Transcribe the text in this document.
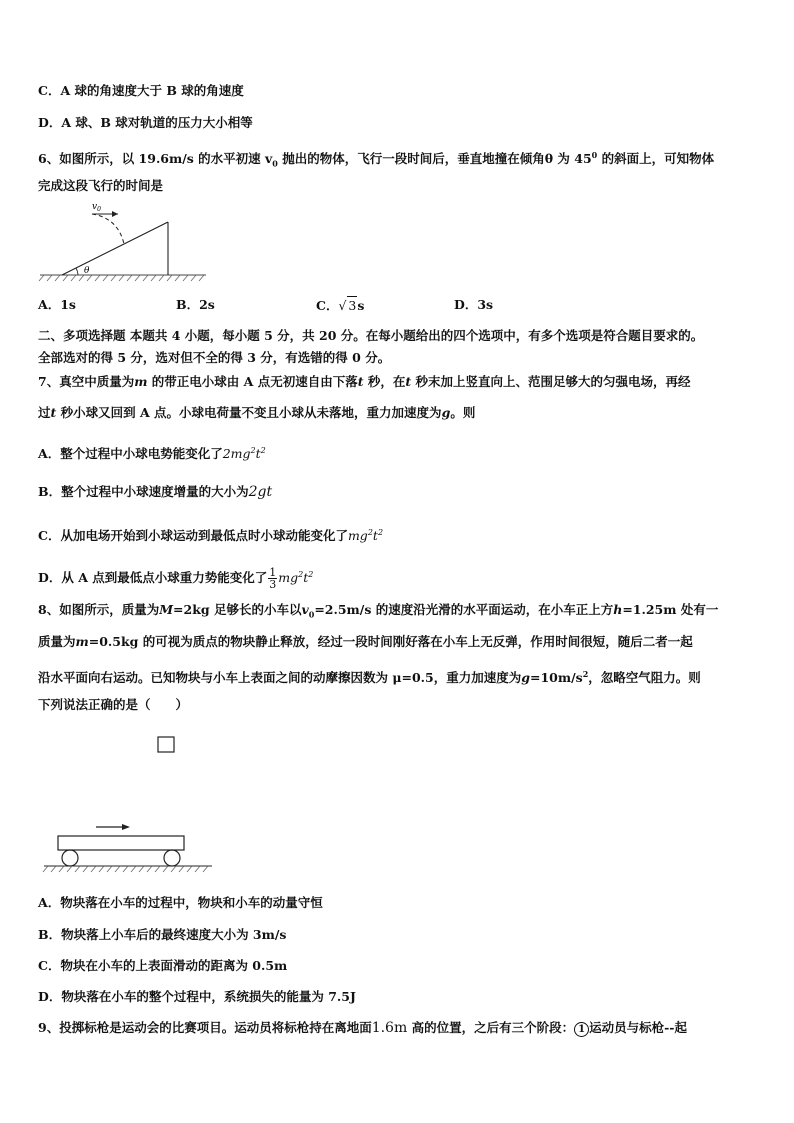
C．A 球的角速度大于 B 球的角速度
D．A 球、B 球对轨道的压力大小相等
6、如图所示，以 19.6m/s 的水平初速 $v_0$ 抛出的物体，飞行一段时间后，垂直地撞在倾角θ 为 $45^0$ 的斜面上，可知物体
完成这段飞行的时间是
$v_0$
θ
A．1s	B．2s	C．√ 3s	D．3s
二、多项选择题 本题共 4 小题，每小题 5 分，共 20 分。在每小题给出的四个选项中，有多个选项是符合题目要求的。
全部选对的得 5 分，选对但不全的得 3 分，有选错的得 0 分。
7、真空中质量为m 的带正电小球由 A 点无初速自由下落t 秒，在t 秒末加上竖直向上、范围足够大的匀强电场，再经
过t 秒小球又回到 A 点。小球电荷量不变且小球从未落地，重力加速度为g。则
A．整个过程中小球电势能变化了$2mg^2t^2$
B．整个过程中小球速度增量的大小为2gt
C．从加电场开始到小球运动到最低点时小球动能变化了$mg^2t^2$
D．从 A 点到最低点小球重力势能变化了 $\frac{1}{3} mg^2t^2$
8、如图所示，质量为M=2kg 足够长的小车以$v_0=2.5m/s$ 的速度沿光滑的水平面运动，在小车正上方h=1.25m 处有一
质量为m=0.5kg 的可视为质点的物块静止释放，经过一段时间刚好落在小车上无反弹，作用时间很短，随后二者一起
沿水平面向右运动。已知物块与小车上表面之间的动摩擦因数为 μ=0.5，重力加速度为$g=10m/s^2$，忽略空气阻力。则
下列说法正确的是（　　）
A．物块落在小车的过程中，物块和小车的动量守恒
B．物块落上小车后的最终速度大小为 3m/s
C．物块在小车的上表面滑动的距离为 0.5m
D．物块落在小车的整个过程中，系统损失的能量为 7.5J
9、投掷标枪是运动会的比赛项目。运动员将标枪持在离地面1.6m 高的位置，之后有三个阶段： 1 运动员与标枪--起
